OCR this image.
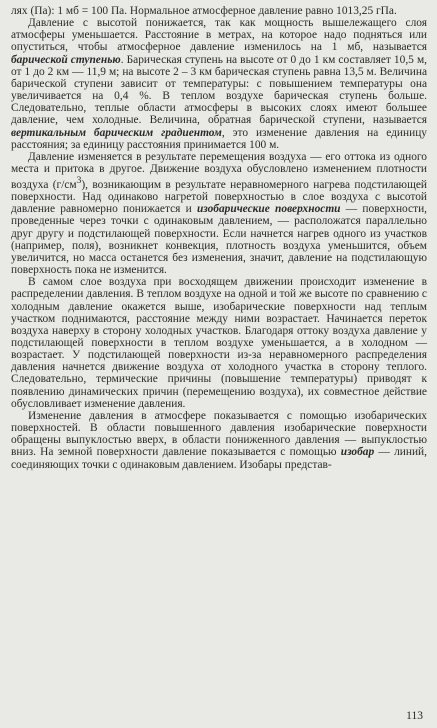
лях (Па): 1 мб = 100 Па. Нормальное атмосферное давление равно 1013,25 гПа.

Давление с высотой понижается, так как мощность вышележащего слоя атмосферы уменьшается. Расстояние в метрах, на которое надо подняться или опуститься, чтобы атмосферное давление изменилось на 1 мб, называется барической ступенью. Барическая ступень на высоте от 0 до 1 км составляет 10,5 м, от 1 до 2 км — 11,9 м; на высоте 2 – 3 км барическая ступень равна 13,5 м. Величина барической ступени зависит от температуры: с повышением температуры она увеличивается на 0,4 %. В теплом воздухе барическая ступень больше. Следовательно, теплые области атмосферы в высоких слоях имеют большее давление, чем холодные. Величина, обратная барической ступени, называется вертикальным барическим градиентом, это изменение давления на единицу расстояния; за единицу расстояния принимается 100 м.

Давление изменяется в результате перемещения воздуха — его оттока из одного места и притока в другое. Движение воздуха обусловлено изменением плотности воздуха $(г/см^3)$, возникающим в результате неравномерного нагрева подстилающей поверхности. Над одинаково нагретой поверхностью в слое воздуха с высотой давление равномерно понижается и изобарические поверхности — поверхности, проведенные через точки с одинаковым давлением, — расположатся параллельно друг другу и подстилающей поверхности. Если начнется нагрев одного из участков (например, поля), возникнет конвекция, плотность воздуха уменьшится, объем увеличится, но масса останется без изменения, значит, давление на подстилающую поверхность пока не изменится.

В самом слое воздуха при восходящем движении происходит изменение в распределении давления. В теплом воздухе на одной и той же высоте по сравнению с холодным давление окажется выше, изобарические поверхности над теплым участком поднимаются, расстояние между ними возрастает. Начинается переток воздуха наверху в сторону холодных участков. Благодаря оттоку воздуха давление у подстилающей поверхности в теплом воздухе уменьшается, а в холодном — возрастает. У подстилающей поверхности из-за неравномерного распределения давления начнется движение воздуха от холодного участка в сторону теплого. Следовательно, термические причины (повышение температуры) приводят к появлению динамических причин (перемещению воздуха), их совместное действие обусловливает изменение давления.

Изменение давления в атмосфере показывается с помощью изобарических поверхностей. В области повышенного давления изобарические поверхности обращены выпуклостью вверх, в области пониженного давления — выпуклостью вниз. На земной поверхности давление показывается с помощью изобар — линий, соединяющих точки с одинаковым давлением. Изобары представ-

113
